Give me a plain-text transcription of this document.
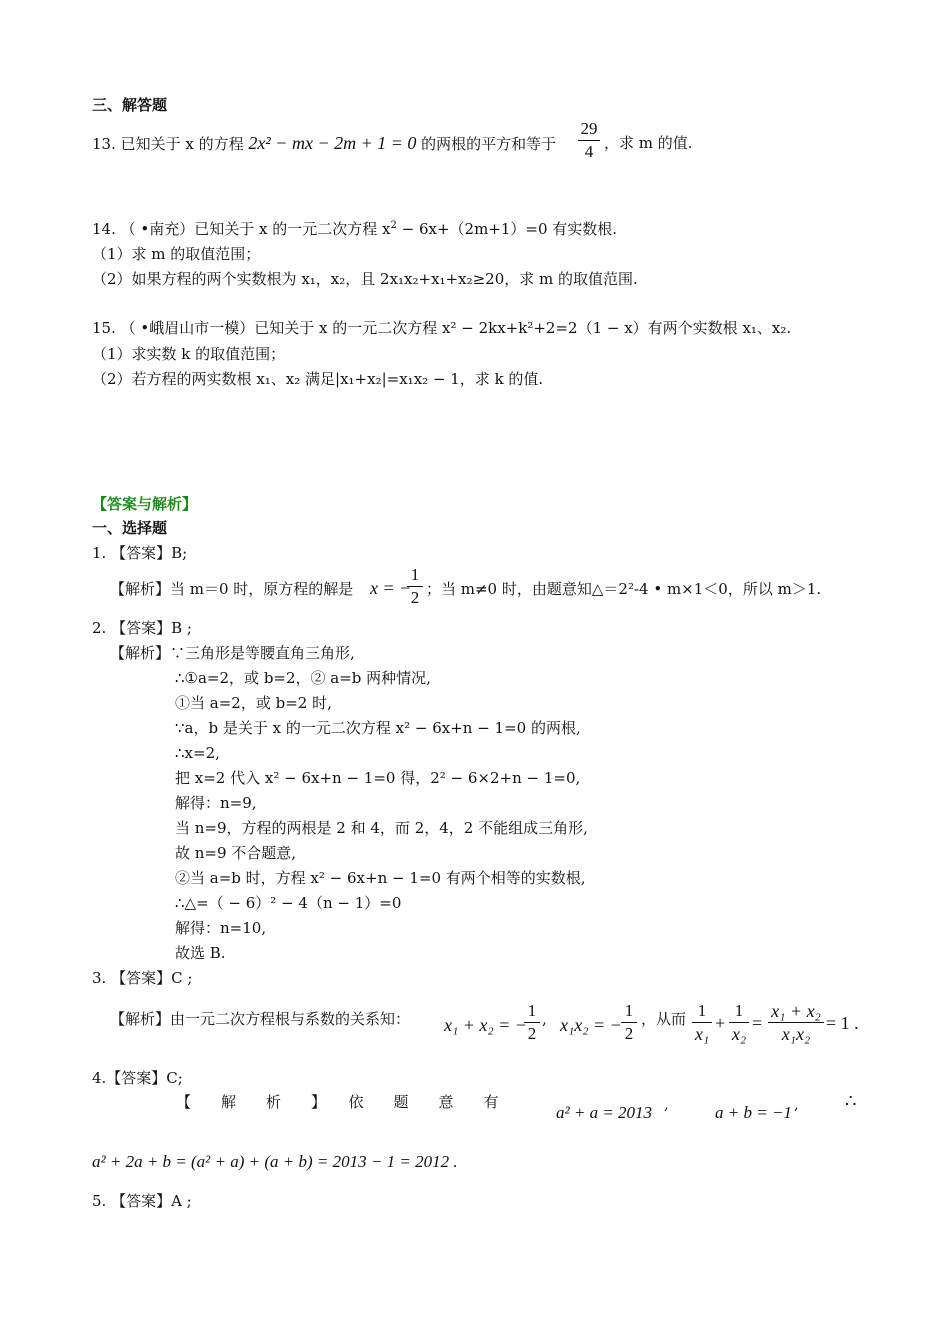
三、解答题
13. 已知关于 x 的方程 2x² − mx − 2m + 1 = 0 的两根的平方和等于
29
4 ，求 m 的值.
14. （ •南充）已知关于 x 的一元二次方程 $x^2 - 6x+(2m+1)=0$ 有实数根.
（1）求 m 的取值范围；
（2）如果方程的两个实数根为 x₁，x₂，且 2x₁x₂+x₁+x₂≥20，求 m 的取值范围.
15. （ •峨眉山市一模）已知关于 x 的一元二次方程 x² − 2kx+k²+2=2（1 − x）有两个实数根 x₁、x₂.
（1）求实数 k 的取值范围；
（2）若方程的两实数根 x₁、x₂ 满足|x₁+x₂|=x₁x₂ − 1，求 k 的值.
【答案与解析】
一、选择题
1. 【答案】B;
【解析】当 m＝0 时，原方程的解是 x = −
1
2 ；当 m≠0 时，由题意知△＝2²-4 • m×1＜0，所以 m＞1.
2. 【答案】B ;
【解析】∵三角形是等腰直角三角形,
∴①a=2，或 b=2，② a=b 两种情况,
①当 a=2，或 b=2 时,
∵a，b 是关于 x 的一元二次方程 x² − 6x+n − 1=0 的两根,
∴x=2,
把 x=2 代入 x² − 6x+n − 1=0 得，2² − 6×2+n − 1=0,
解得：n=9,
当 n=9，方程的两根是 2 和 4，而 2，4，2 不能组成三角形,
故 n=9 不合题意,
②当 a=b 时，方程 x² − 6x+n − 1=0 有两个相等的实数根,
∴△=（ − 6）² − 4（n − 1）=0
解得：n=10,
故选 B.
3. 【答案】C ;
【解析】由一元二次方程根与系数的关系知： x₁ + x₂ = −
1
2
, x₁x₂ = −
1
2
，从而 1
x₁
+
1
x₂
=
x₁ + x₂
x₁x₂
= 1 .
4.【答案】C;
【　　解　　析　　】　　依　　题　　意　　有
a² + a = 2013 ,	a + b = −1 ,	∴
a² + 2a + b = (a² + a) + (a + b) = 2013 − 1 = 2012 .
5. 【答案】A ;
